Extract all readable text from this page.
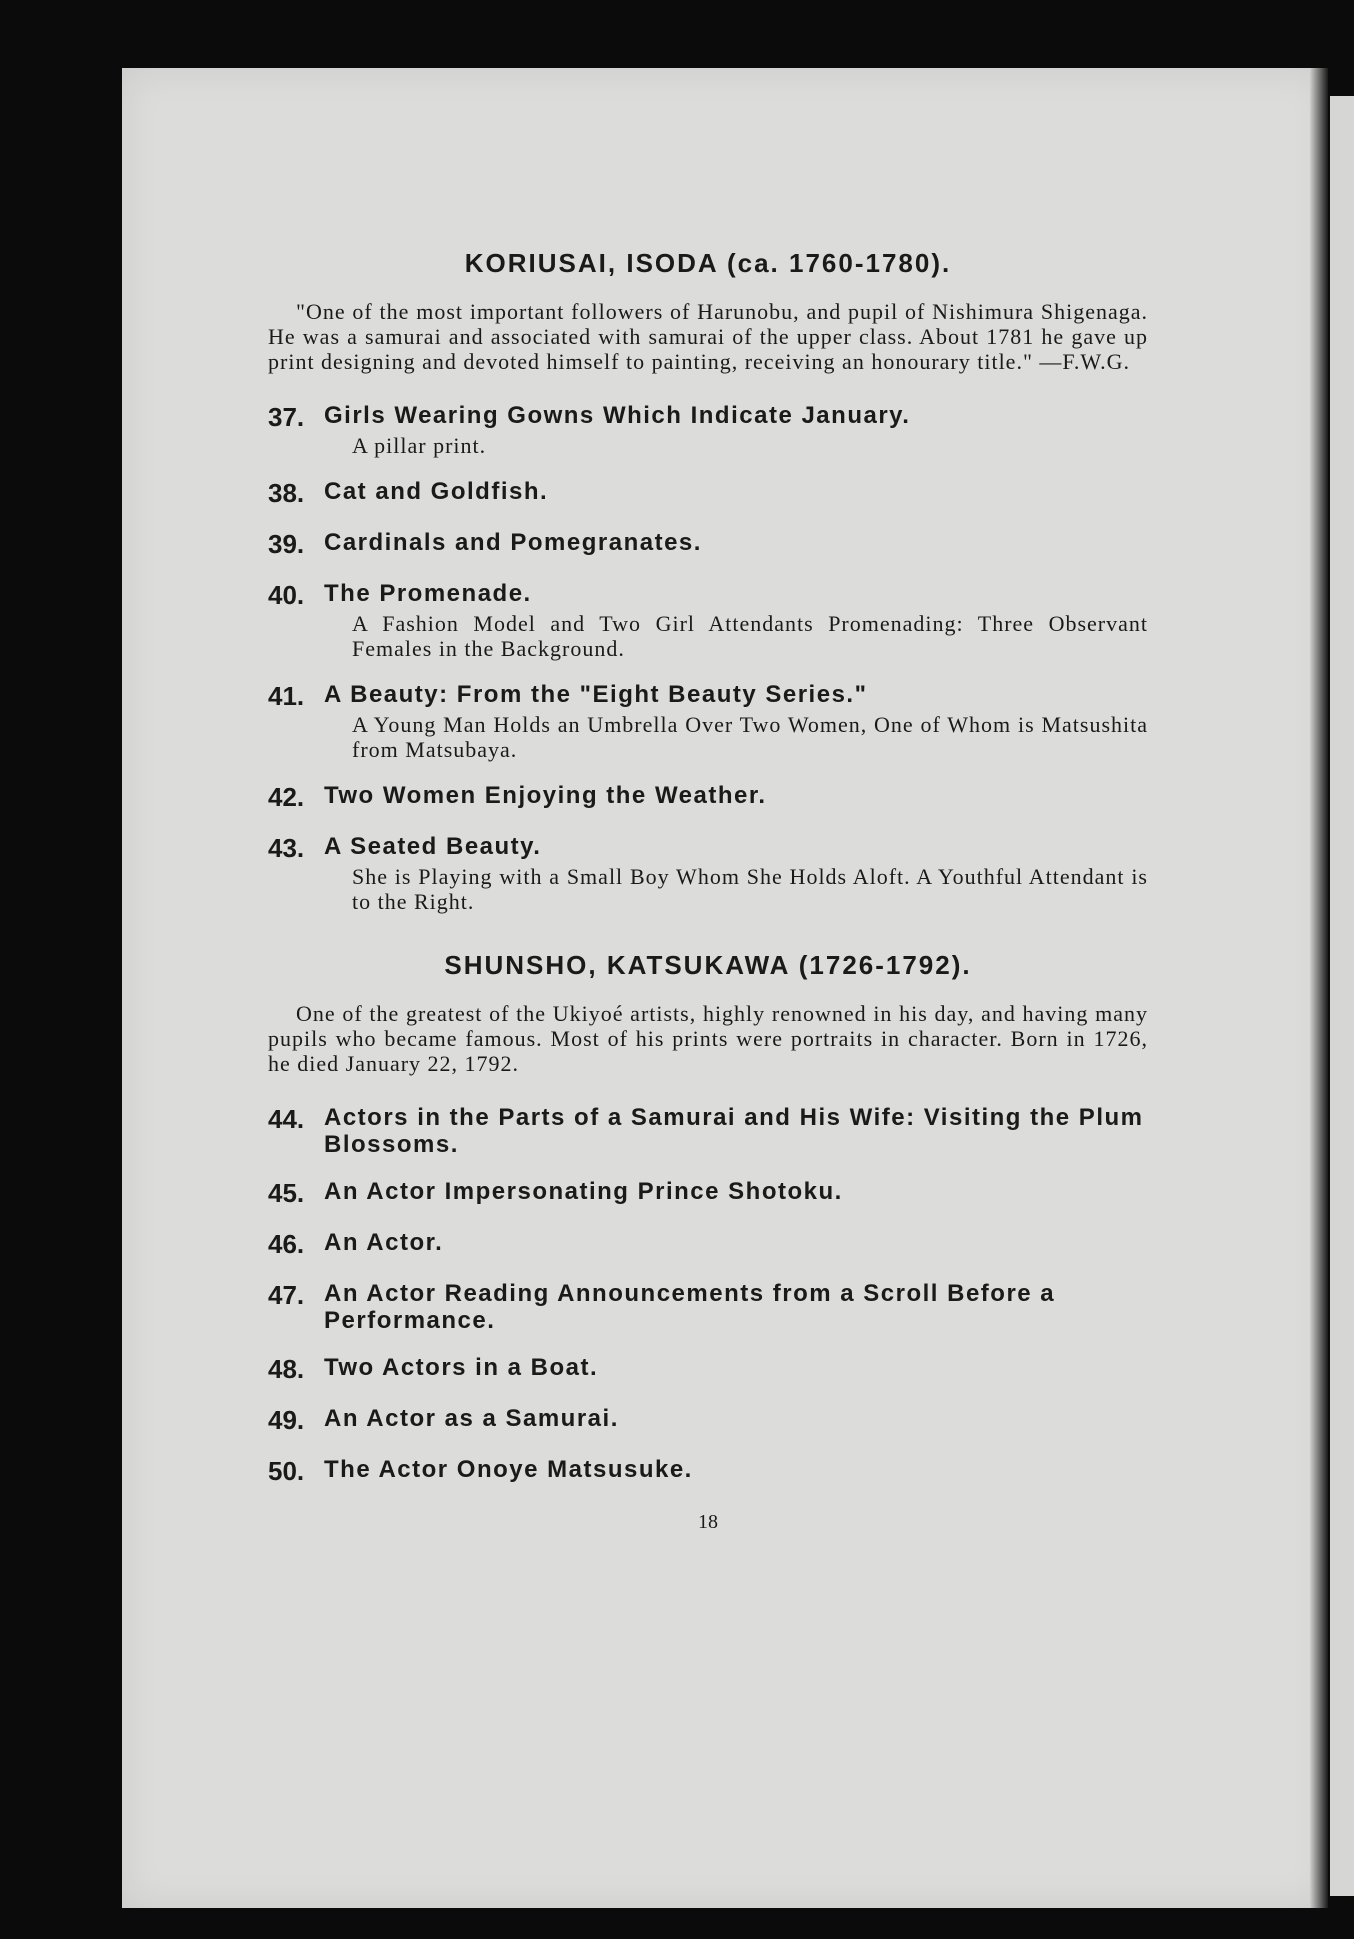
KORIUSAI, ISODA (ca. 1760-1780).

"One of the most important followers of Harunobu, and pupil of Nishimura Shigenaga. He was a samurai and associated with samurai of the upper class. About 1781 he gave up print designing and devoted himself to painting, receiving an honourary title." —F.W.G.

37. Girls Wearing Gowns Which Indicate January.
A pillar print.
38. Cat and Goldfish.
39. Cardinals and Pomegranates.
40. The Promenade.
A Fashion Model and Two Girl Attendants Promenading: Three Observant Females in the Background.
41. A Beauty: From the "Eight Beauty Series."
A Young Man Holds an Umbrella Over Two Women, One of Whom is Matsushita from Matsubaya.
42. Two Women Enjoying the Weather.
43. A Seated Beauty.
She is Playing with a Small Boy Whom She Holds Aloft. A Youthful Attendant is to the Right.
SHUNSHO, KATSUKAWA (1726-1792).

One of the greatest of the Ukiyoé artists, highly renowned in his day, and having many pupils who became famous. Most of his prints were portraits in character. Born in 1726, he died January 22, 1792.

44. Actors in the Parts of a Samurai and His Wife: Visiting the Plum Blossoms.
45. An Actor Impersonating Prince Shotoku.
46. An Actor.
47. An Actor Reading Announcements from a Scroll Before a Performance.
48. Two Actors in a Boat.
49. An Actor as a Samurai.
50. The Actor Onoye Matsusuke.
18
